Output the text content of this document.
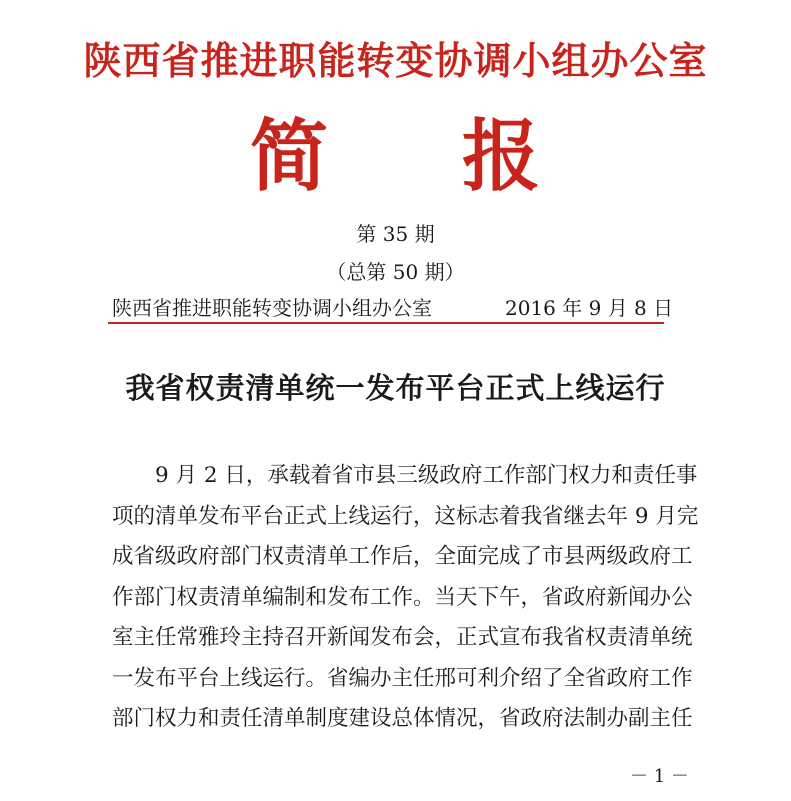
陕西省推进职能转变协调小组办公室
简 报
第 35 期
（总第 50 期）
陕西省推进职能转变协调小组办公室	2016 年 9 月 8 日
我省权责清单统一发布平台正式上线运行
　　9 月 2 日，承载着省市县三级政府工作部门权力和责任事
项的清单发布平台正式上线运行，这标志着我省继去年 9 月完
成省级政府部门权责清单工作后，全面完成了市县两级政府工
作部门权责清单编制和发布工作。当天下午，省政府新闻办公
室主任常雅玲主持召开新闻发布会，正式宣布我省权责清单统
一发布平台上线运行。省编办主任邢可利介绍了全省政府工作
部门权力和责任清单制度建设总体情况，省政府法制办副主任
－ 1 －
